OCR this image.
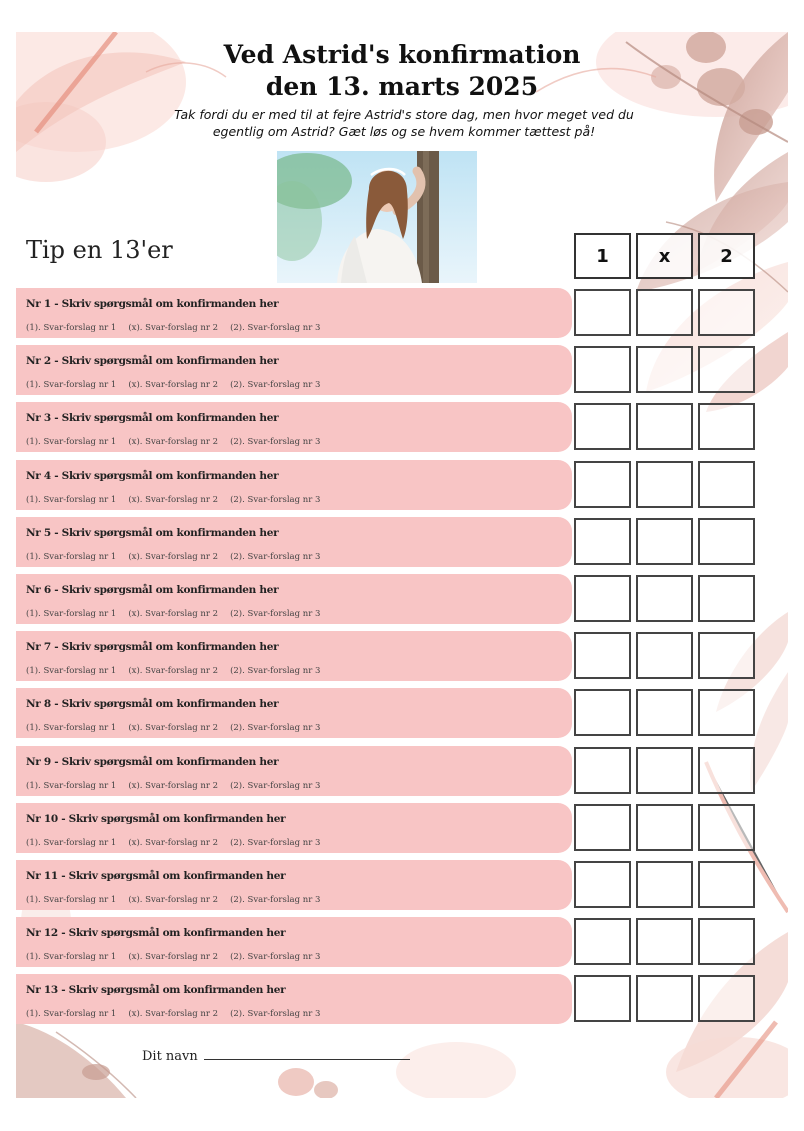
Ved Astrid's konfirmation
den 13. marts 2025
Tak fordi du er med til at fejre Astrid's store dag, men hvor meget ved du
egentlig om Astrid? Gæt løs og se hvem kommer tættest på!
Tip en 13'er	1	x	2
Nr 1 - Skriv spørgsmål om konfirmanden her
(1). Svar-forslag nr 1 (x). Svar-forslag nr 2 (2). Svar-forslag nr 3
Nr 2 - Skriv spørgsmål om konfirmanden her
(1). Svar-forslag nr 1 (x). Svar-forslag nr 2 (2). Svar-forslag nr 3
Nr 3 - Skriv spørgsmål om konfirmanden her
(1). Svar-forslag nr 1 (x). Svar-forslag nr 2 (2). Svar-forslag nr 3
Nr 4 - Skriv spørgsmål om konfirmanden her
(1). Svar-forslag nr 1 (x). Svar-forslag nr 2 (2). Svar-forslag nr 3
Nr 5 - Skriv spørgsmål om konfirmanden her
(1). Svar-forslag nr 1 (x). Svar-forslag nr 2 (2). Svar-forslag nr 3
Nr 6 - Skriv spørgsmål om konfirmanden her
(1). Svar-forslag nr 1 (x). Svar-forslag nr 2 (2). Svar-forslag nr 3
Nr 7 - Skriv spørgsmål om konfirmanden her
(1). Svar-forslag nr 1 (x). Svar-forslag nr 2 (2). Svar-forslag nr 3
Nr 8 - Skriv spørgsmål om konfirmanden her
(1). Svar-forslag nr 1 (x). Svar-forslag nr 2 (2). Svar-forslag nr 3
Nr 9 - Skriv spørgsmål om konfirmanden her
(1). Svar-forslag nr 1 (x). Svar-forslag nr 2 (2). Svar-forslag nr 3
Nr 10 - Skriv spørgsmål om konfirmanden her
(1). Svar-forslag nr 1 (x). Svar-forslag nr 2 (2). Svar-forslag nr 3
Nr 11 - Skriv spørgsmål om konfirmanden her
(1). Svar-forslag nr 1 (x). Svar-forslag nr 2 (2). Svar-forslag nr 3
Nr 12 - Skriv spørgsmål om konfirmanden her
(1). Svar-forslag nr 1 (x). Svar-forslag nr 2 (2). Svar-forslag nr 3
Nr 13 - Skriv spørgsmål om konfirmanden her
(1). Svar-forslag nr 1 (x). Svar-forslag nr 2 (2). Svar-forslag nr 3
Dit navn
